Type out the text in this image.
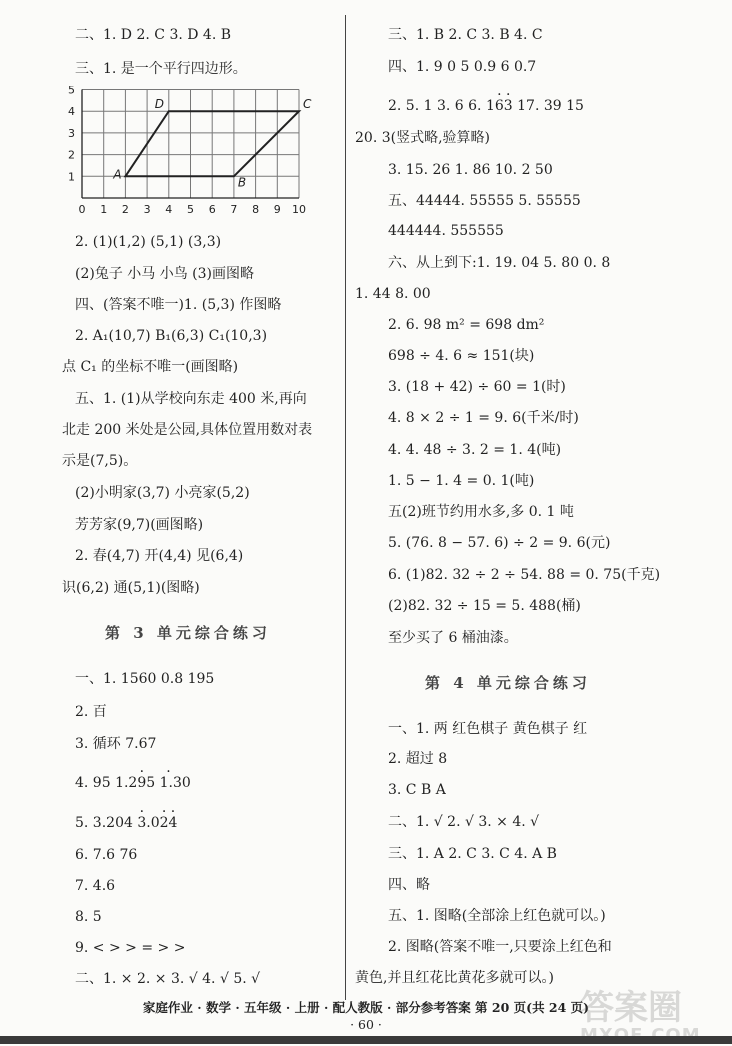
二、1. D 2. C 3. D 4. B
三、1. 是一个平行四边形。
0 1 2 3 4 5 6 7 8 9 10
1
2
3
4
5
A
B
C
D
2. (1)(1,2) (5,1) (3,3)
(2)兔子 小马 小鸟 (3)画图略
四、(答案不唯一)1. (5,3) 作图略
2. A₁(10,7) B₁(6,3) C₁(10,3)
点 C₁ 的坐标不唯一(画图略)
五、1. (1)从学校向东走 400 米,再向
北走 200 米处是公园,具体位置用数对表
示是(7,5)。
(2)小明家(3,7) 小亮家(5,2)
芳芳家(9,7)(画图略)
2. 春(4,7) 开(4,4) 见(6,4)
识(6,2) 通(5,1)(图略)
第 3 单元综合练习
一、1. 1560 0.8 195
2. 百
3. 循环 7.67
4. 95 1.2· 9· 5 1.30
5. 3.20· 4 3.0· 2· 4
6. 7.6 76
7. 4.6
8. 5
9. < > > = > >
二、1. × 2. × 3. √ 4. √ 5. √
三、1. B 2. C 3. B 4. C
四、1. 9 0 5 0.9 6 0.7
2. 5. 1 3. 6 6. 1· 6· 3 17. 39 15
20. 3(竖式略,验算略)
3. 15. 26 1. 86 10. 2 50
五、44444. 55555 5. 55555
444444. 555555
六、从上到下:1. 19. 04 5. 80 0. 8
1. 44 8. 00
2. 6. 98 m² = 698 dm²
698 ÷ 4. 6 ≈ 151(块)
3. (18 + 42) ÷ 60 = 1(时)
4. 8 × 2 ÷ 1 = 9. 6(千米/时)
4. 4. 48 ÷ 3. 2 = 1. 4(吨)
1. 5 − 1. 4 = 0. 1(吨)
五(2)班节约用水多,多 0. 1 吨
5. (76. 8 − 57. 6) ÷ 2 = 9. 6(元)
6. (1)82. 32 ÷ 2 ÷ 54. 88 = 0. 75(千克)
(2)82. 32 ÷ 15 = 5. 488(桶)
至少买了 6 桶油漆。
第 4 单元综合练习
一、1. 两 红色棋子 黄色棋子 红
2. 超过 8
3. C B A
二、1. √ 2. √ 3. × 4. √
三、1. A 2. C 3. C 4. A B
四、略
五、1. 图略(全部涂上红色就可以。)
2. 图略(答案不唯一,只要涂上红色和
黄色,并且红花比黄花多就可以。)
家庭作业 · 数学 · 五年级 · 上册 · 配人教版 · 部分参考答案 第 20 页(共 24 页)
· 60 ·	答案圈
